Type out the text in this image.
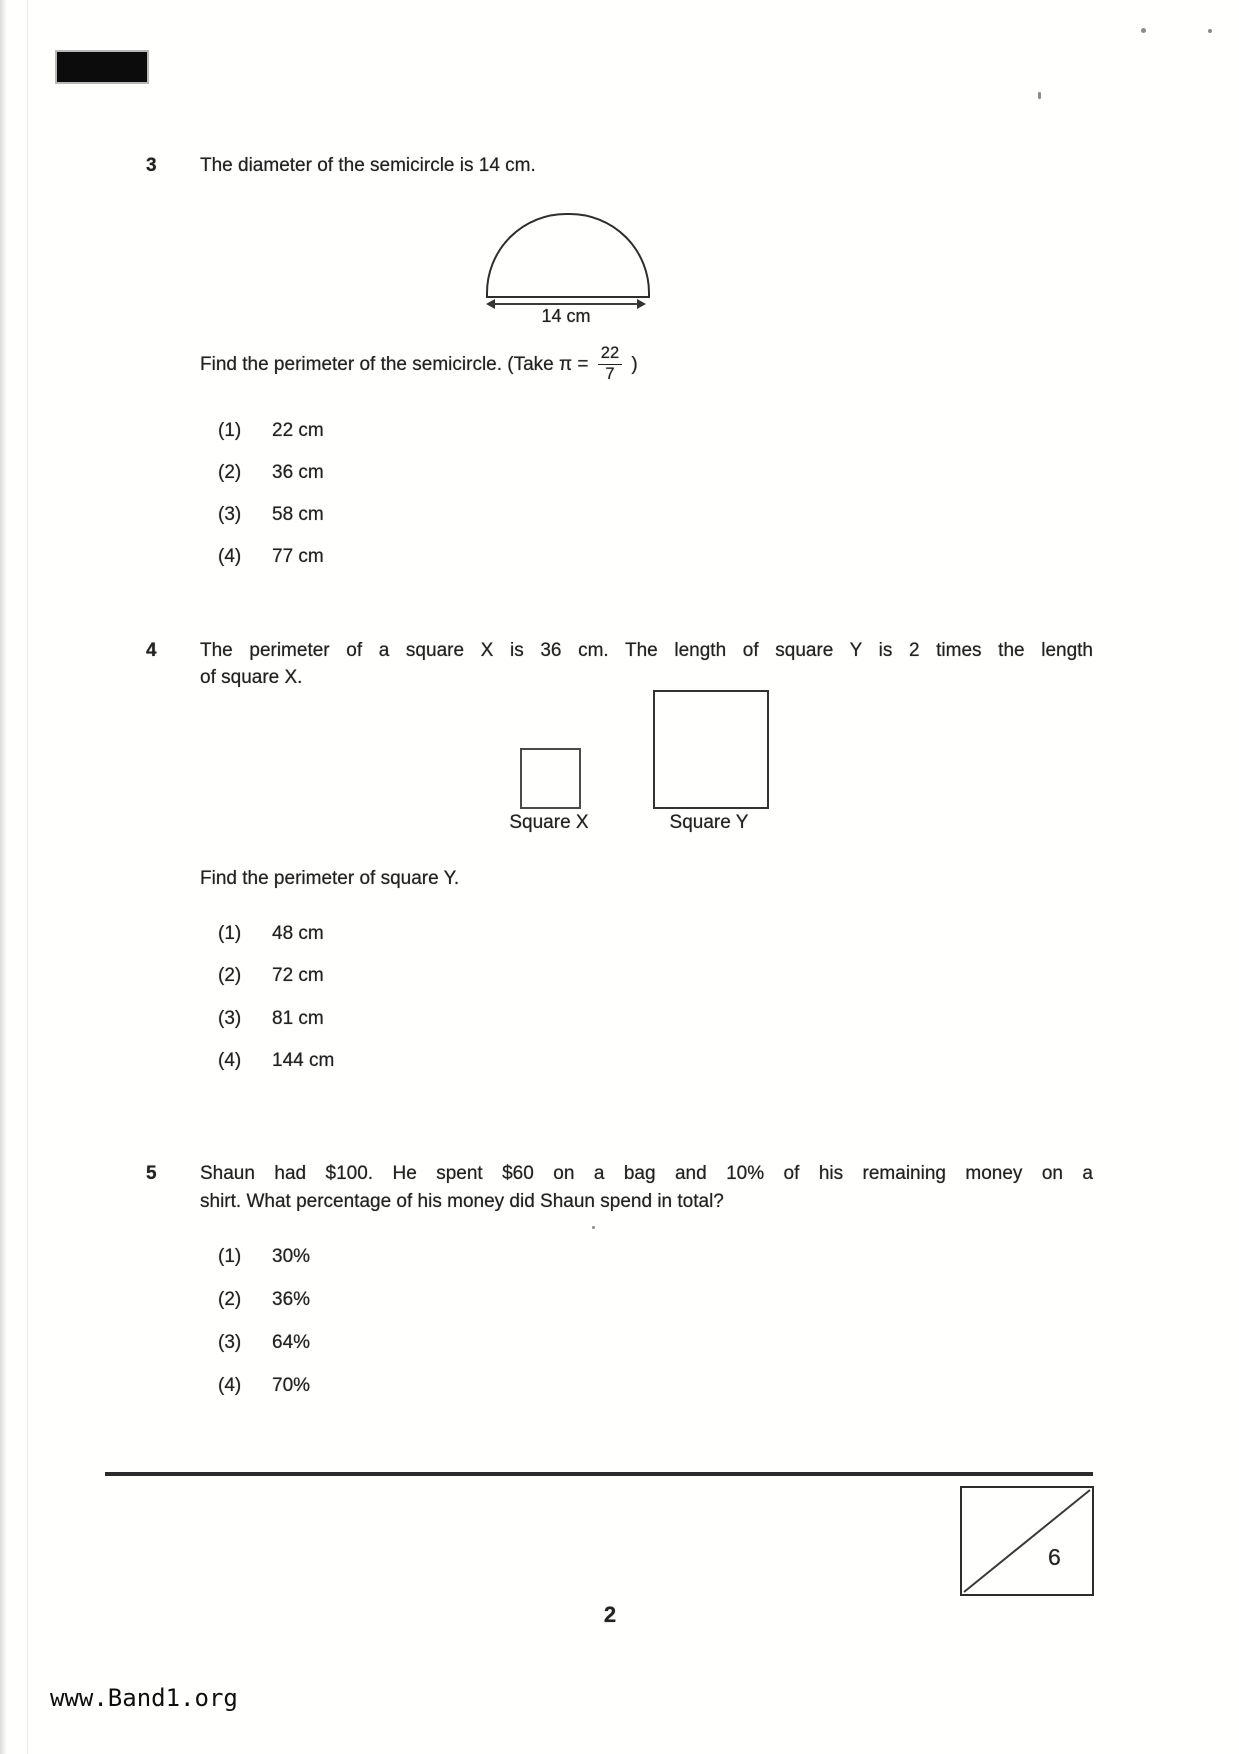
3 The diameter of the semicircle is 14 cm.
14 cm
Find the perimeter of the semicircle. (Take $\pi = \frac{22}{7}$ )
(1)	22 cm
(2)	36 cm
(3)	58 cm
(4)	77 cm
4 The perimeter of a square X is 36 cm. The length of square Y is 2 times the length
of square X.
Square X	Square Y
Find the perimeter of square Y.
(1)	48 cm
(2)	72 cm
(3)	81 cm
(4)	144 cm
5 Shaun had $100. He spent $60 on a bag and 10% of his remaining money on a
shirt. What percentage of his money did Shaun spend in total?
(1)	30%
(2)	36%
(3)	64%
(4)	70%
6
2
www.Band1.org
